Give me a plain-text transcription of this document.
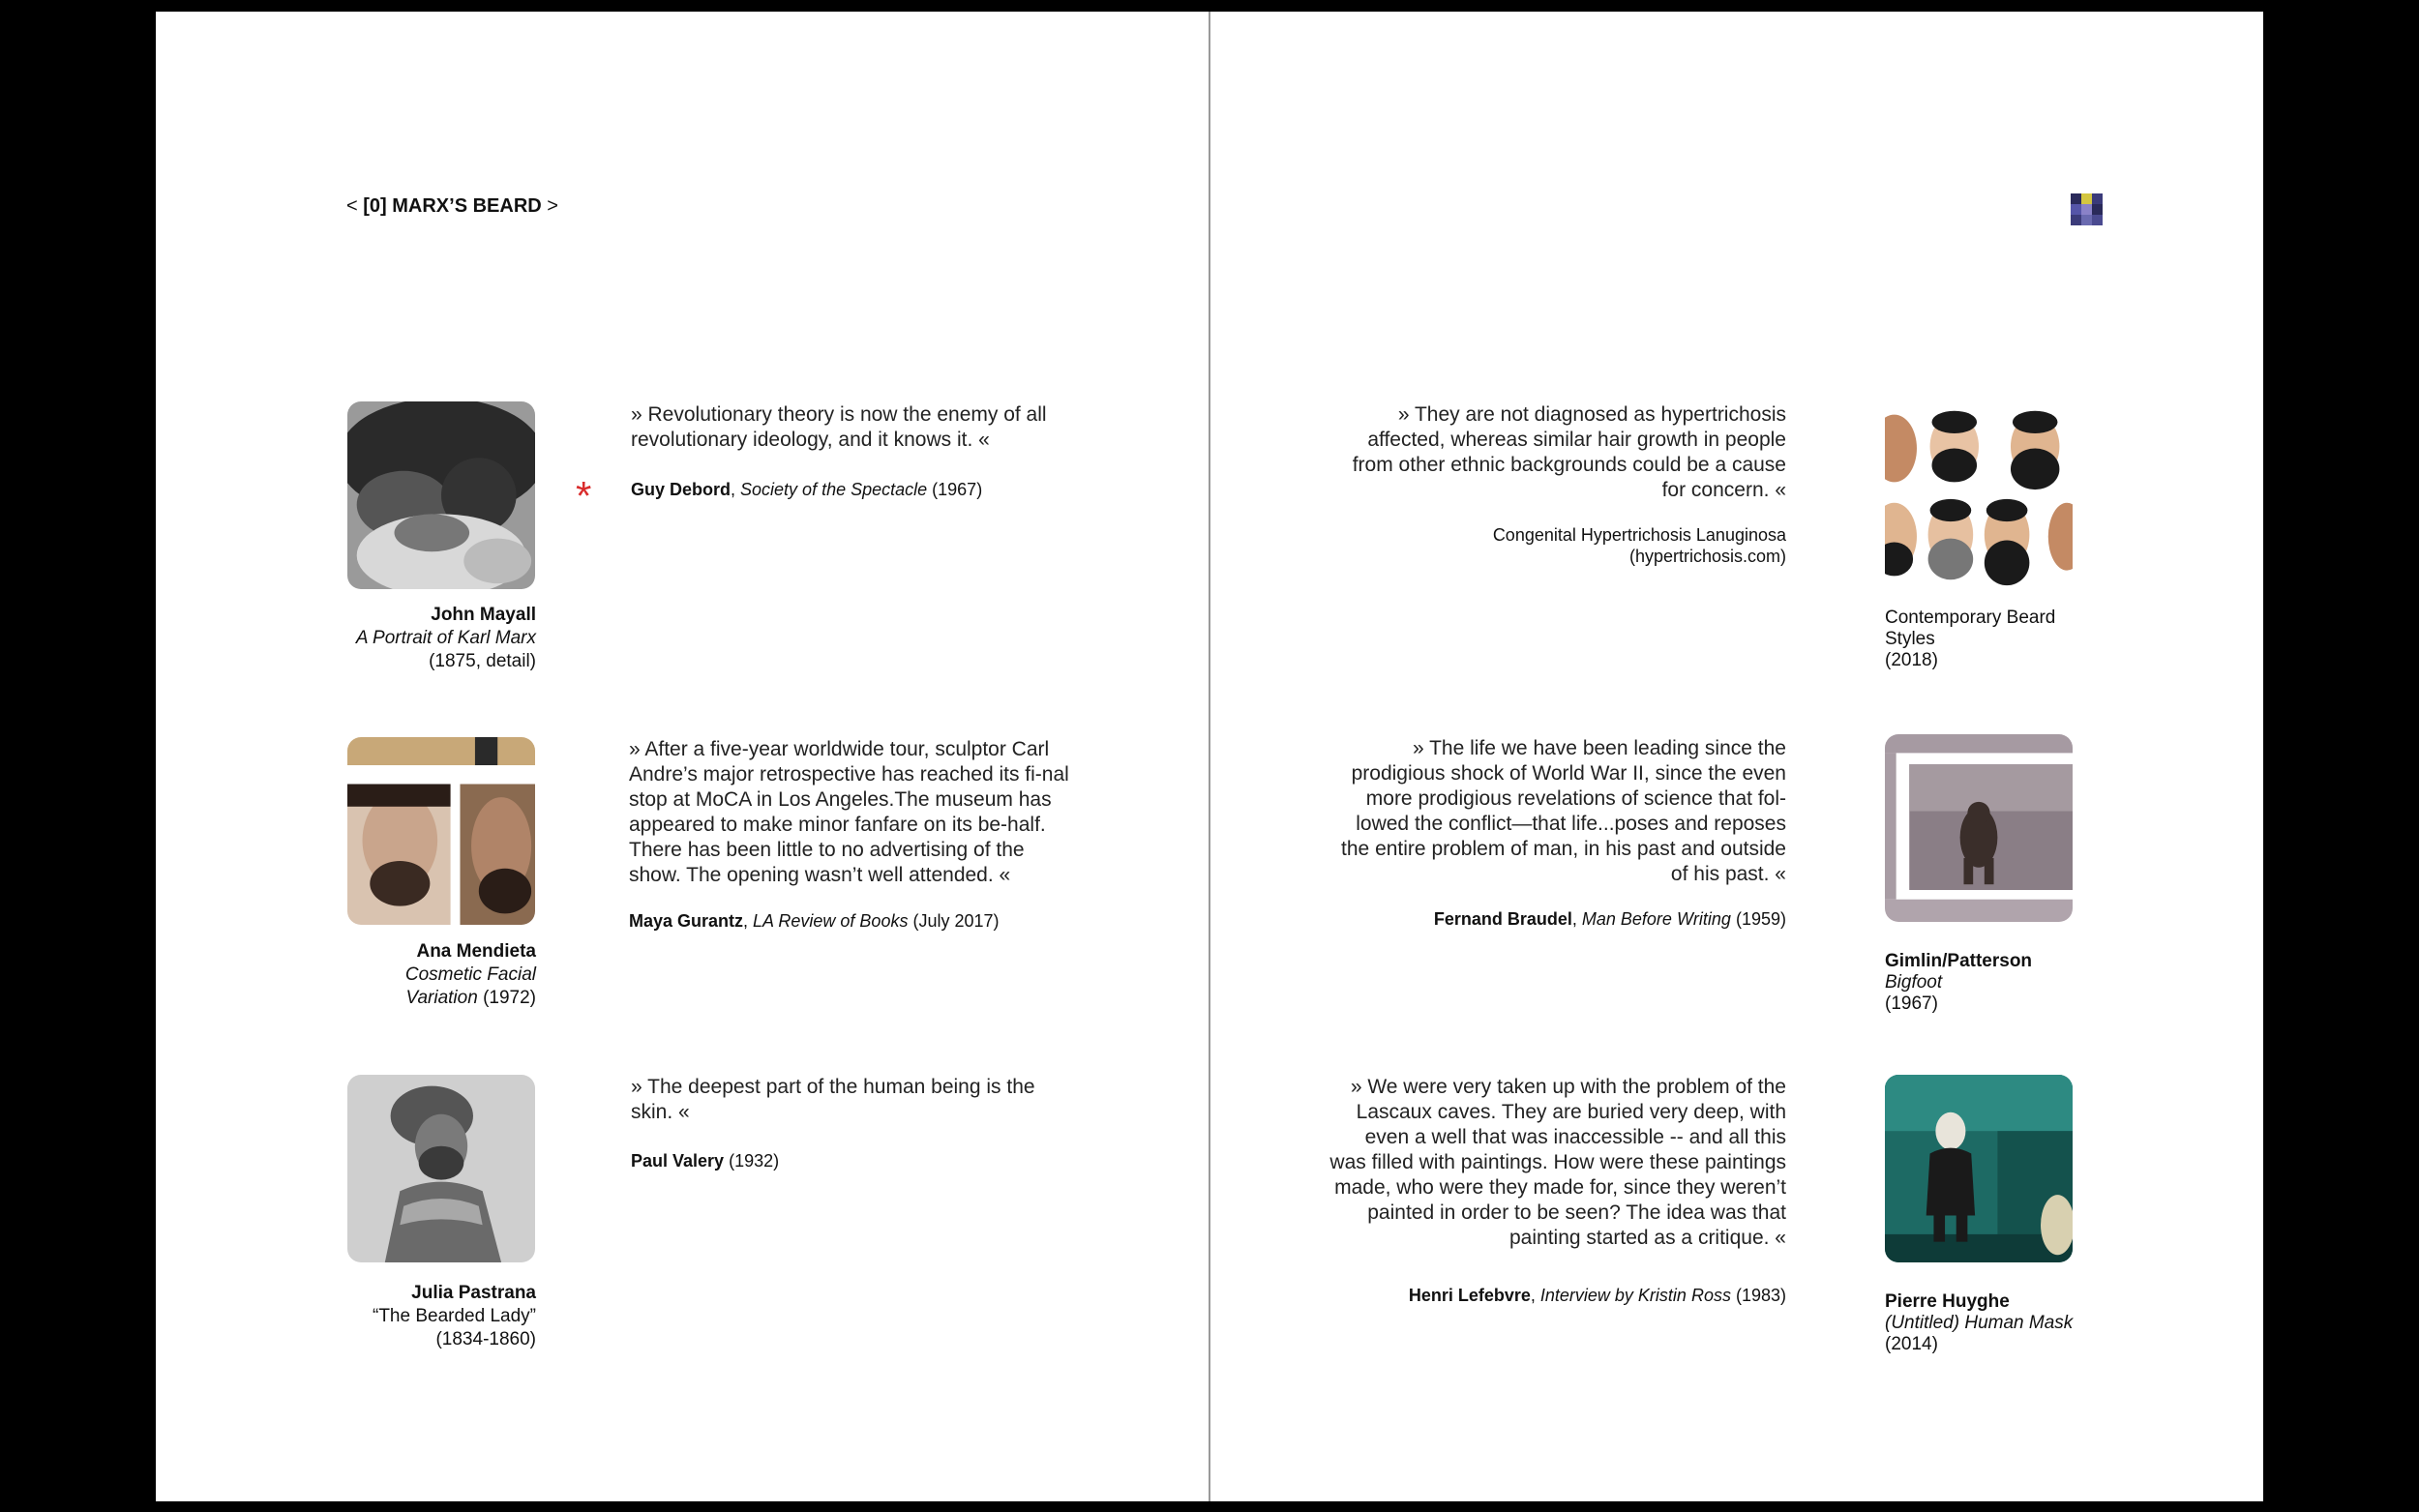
< [0] MARX’S BEARD >
John Mayall
A Portrait of Karl Marx
(1875, detail)
*
» Revolutionary theory is now the enemy of all revolutionary ideology, and it knows it. «
Guy Debord, Society of the Spectacle (1967)
Ana Mendieta
Cosmetic Facial
Variation (1972)
» After a five-year worldwide tour, sculptor Carl Andre’s major retrospective has reached its fi-nal stop at MoCA in Los Angeles.The museum has appeared to make minor fanfare on its be-half. There has been little to no advertising of the show. The opening wasn’t well attended. «
Maya Gurantz, LA Review of Books (July 2017)
Julia Pastrana
“The Bearded Lady”
(1834-1860)
» The deepest part of the human being is the skin. «
Paul Valery (1932)
» They are not diagnosed as hypertrichosis affected, whereas similar hair growth in people from other ethnic backgrounds could be a cause for concern. «
Congenital Hypertrichosis Lanuginosa
(hypertrichosis.com)
Contemporary Beard
Styles
(2018)
» The life we have been leading since the prodigious shock of World War II, since the even more prodigious revelations of science that fol-lowed the conflict—that life...poses and reposes the entire problem of man, in his past and outside of his past. «
Fernand Braudel, Man Before Writing (1959)
Gimlin/Patterson
Bigfoot
(1967)
» We were very taken up with the problem of the Lascaux caves. They are buried very deep, with even a well that was inaccessible -- and all this was filled with paintings. How were these paintings made, who were they made for, since they weren’t painted in order to be seen? The idea was that painting started as a critique. «
Henri Lefebvre, Interview by Kristin Ross (1983)	Pierre Huyghe
(Untitled) Human Mask
(2014)
